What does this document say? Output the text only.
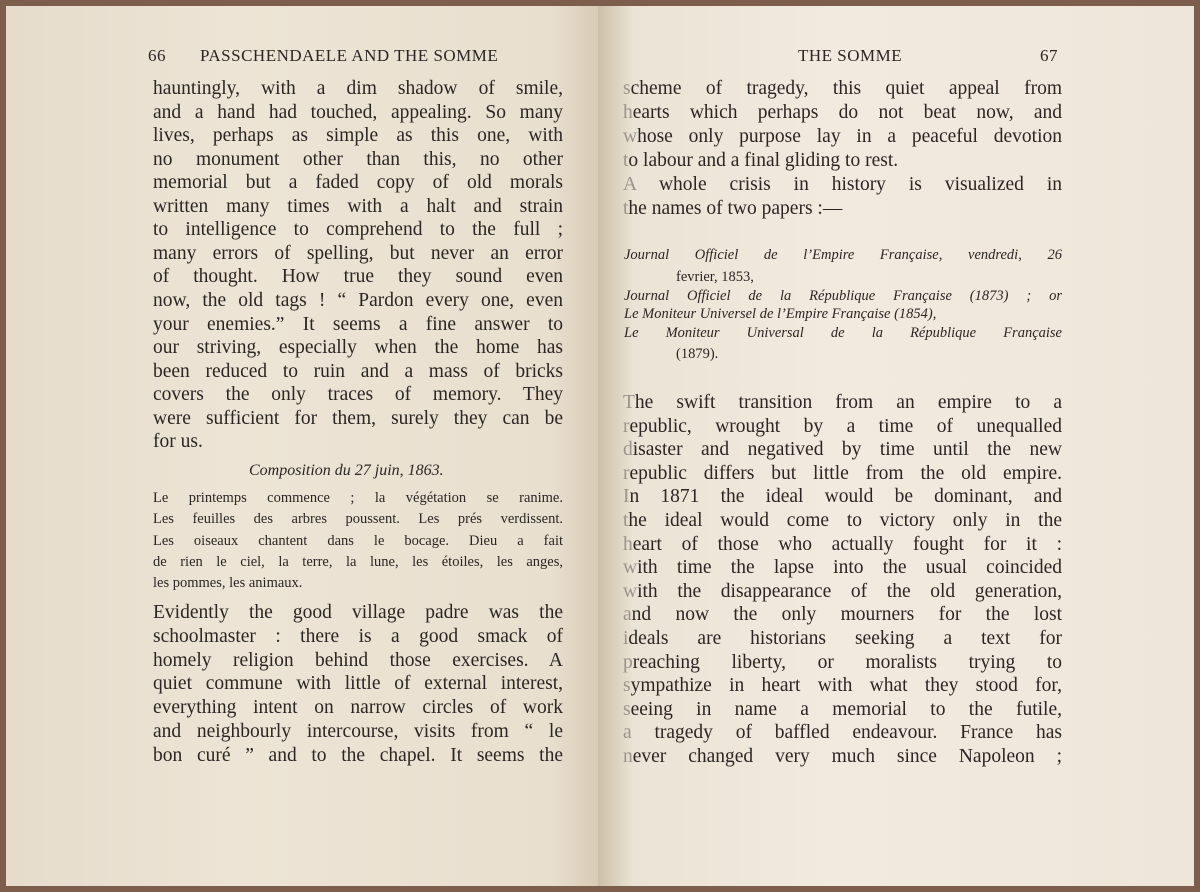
66 PASSCHENDAELE AND THE SOMME
hauntingly, with a dim shadow of smile,
and a hand had touched, appealing. So many
lives, perhaps as simple as this one, with
no monument other than this, no other
memorial but a faded copy of old morals
written many times with a halt and strain
to intelligence to comprehend to the full ;
many errors of spelling, but never an error
of thought. How true they sound even
now, the old tags ! “ Pardon every one, even
your enemies.” It seems a fine answer to
our striving, especially when the home has
been reduced to ruin and a mass of bricks
covers the only traces of memory. They
were sufficient for them, surely they can be
for us.
Composition du 27 juin, 1863.
Le printemps commence ; la végétation se ranime.
Les feuilles des arbres poussent. Les prés verdissent.
Les oiseaux chantent dans le bocage. Dieu a fait
de rien le ciel, la terre, la lune, les étoiles, les anges,
les pommes, les animaux.
Evidently the good village padre was the
schoolmaster : there is a good smack of
homely religion behind those exercises. A
quiet commune with little of external interest,
everything intent on narrow circles of work
and neighbourly intercourse, visits from “ le
bon curé ” and to the chapel. It seems the
THE SOMME	67
scheme of tragedy, this quiet appeal from
hearts which perhaps do not beat now, and
whose only purpose lay in a peaceful devotion
to labour and a final gliding to rest.
A whole crisis in history is visualized in
the names of two papers :—
Journal Officiel de l’Empire Française, vendredi, 26
fevrier, 1853,
Journal Officiel de la République Française (1873) ; or
Le Moniteur Universel de l’Empire Française (1854),
Le Moniteur Universal de la République Française
(1879).
The swift transition from an empire to a
republic, wrought by a time of unequalled
disaster and negatived by time until the new
republic differs but little from the old empire.
In 1871 the ideal would be dominant, and
the ideal would come to victory only in the
heart of those who actually fought for it :
with time the lapse into the usual coincided
with the disappearance of the old generation,
and now the only mourners for the lost
ideals are historians seeking a text for
preaching liberty, or moralists trying to
sympathize in heart with what they stood for,
seeing in name a memorial to the futile,
a tragedy of baffled endeavour. France has
never changed very much since Napoleon ;
